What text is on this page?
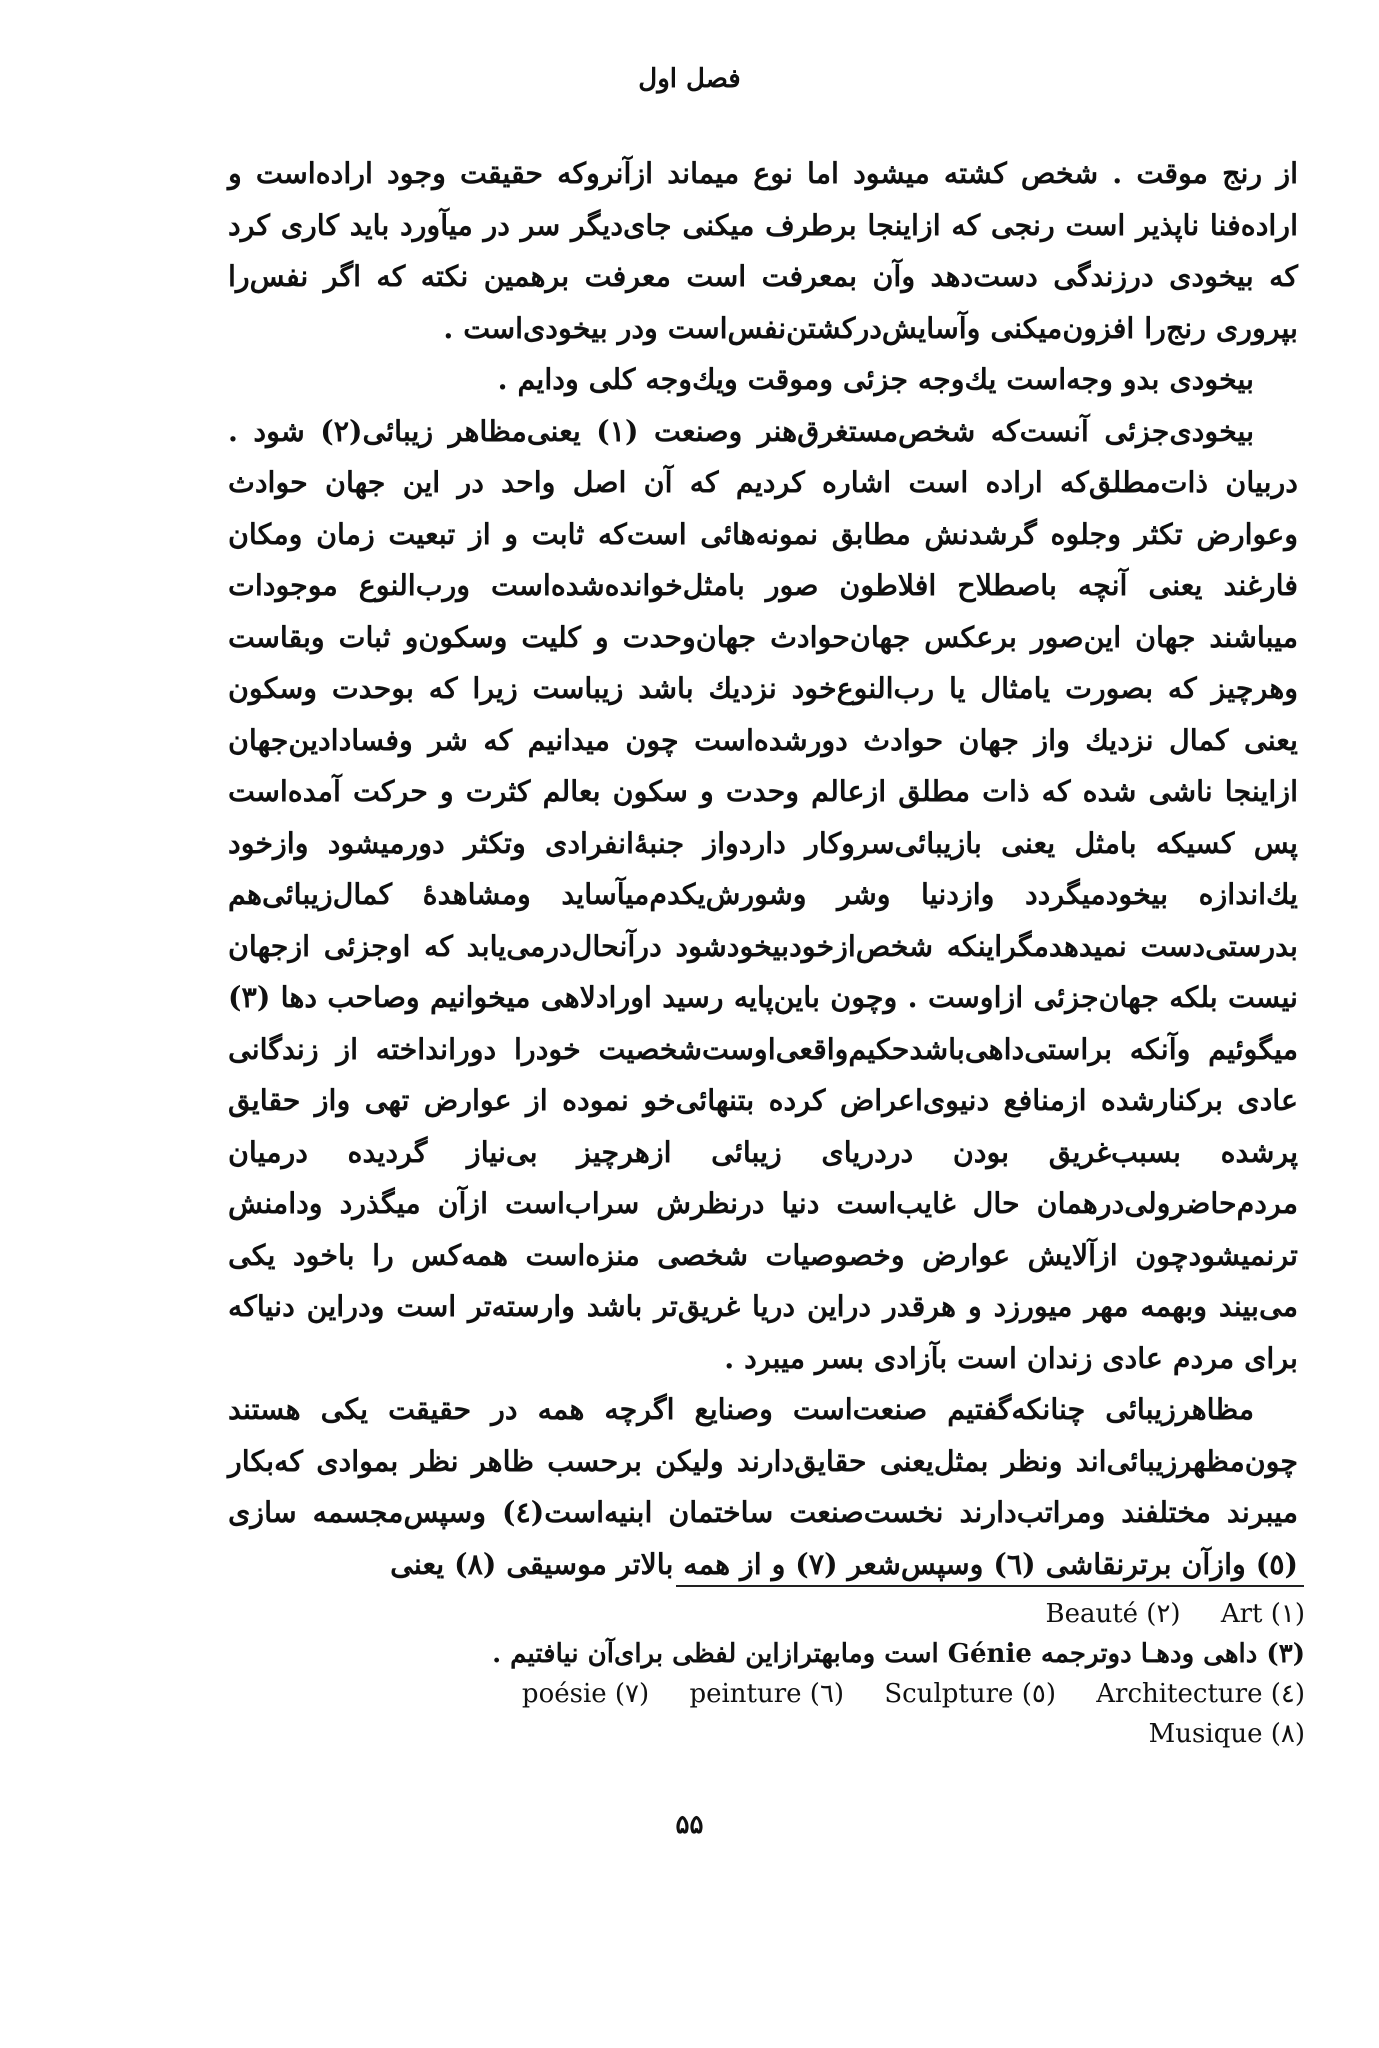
فصل اول

از رنج موقت . شخص کشته میشود اما نوع میماند ازآنروکه حقیقت وجود اراده‌است و اراده‌فنا ناپذیر است رنجی که ازاینجا برطرف میکنی جای‌دیگر سر در میآورد باید کاری کرد که بیخودی درزندگی دست‌دهد وآن بمعرفت است معرفت برهمین نکته که اگر نفس‌را بپروری رنج‌را افزون‌میکنی وآسایش‌درکشتن‌نفس‌است ودر بیخودی‌است .

بیخودی بدو وجه‌است یك‌وجه جزئی وموقت ویك‌وجه کلی ودایم .

بیخودی‌جزئی آنست‌که شخص‌مستغرق‌هنر وصنعت (۱) یعنی‌مظاهر زیبائی(۲) شود . دربیان ذات‌مطلق‌که اراده است اشاره کردیم که آن اصل واحد در این جهان حوادث وعوارض تکثر وجلوه گرشدنش مطابق نمونه‌هائی است‌که ثابت و از تبعیت زمان ومکان فارغند یعنی آنچه باصطلاح افلاطون صور بامثل‌خوانده‌شده‌است ورب‌النوع موجودات میباشند جهان این‌صور برعکس جهان‌حوادث جهان‌وحدت و کلیت وسکون‌و ثبات وبقاست وهرچیز که بصورت یامثال یا رب‌النوع‌خود نزدیك باشد زیباست زیرا که بوحدت وسکون یعنی کمال نزدیك واز جهان حوادث دورشده‌است چون میدانیم که شر وفسادادین‌جهان ازاینجا ناشی شده که ذات مطلق ازعالم وحدت و سکون بعالم کثرت و حرکت آمده‌است پس کسیکه بامثل یعنی بازیبائی‌سروکار داردواز جنبهٔ‌انفرادی وتکثر دورمیشود وازخود یك‌اندازه بیخودمیگردد وازدنیا وشر وشورش‌یکدم‌میآساید ومشاهدهٔ کمال‌زیبائی‌هم بدرستی‌دست نمیدهدمگراینکه شخص‌ازخودبیخودشود درآنحال‌درمی‌یابد که اوجزئی ازجهان نیست بلکه جهان‌جزئی ازاوست . وچون باین‌پایه رسید اورادلاهی میخوانیم وصاحب دها (۳) میگوئیم وآنکه براستی‌داهی‌باشد‌حکیم‌واقعی‌اوست‌شخصیت خودرا دورانداخته از زندگانی عادی برکنارشده ازمنافع دنیوی‌اعراض کرده بتنهائی‌خو نموده از عوارض تهی واز حقایق پرشده بسبب‌غریق بودن دردریای زیبائی ازهرچیز بی‌نیاز گردیده درمیان مردم‌حاضرولی‌درهمان حال غایب‌است دنیا درنظرش سراب‌است ازآن میگذرد ودامنش ترنمیشودچون ازآلایش عوارض وخصوصیات شخصی منزه‌است همه‌کس را باخود یکی می‌بیند وبهمه مهر میورزد و هرقدر دراین دریا غریق‌تر باشد وارسته‌تر است ودراین دنیاکه برای مردم عادی زندان است بآزادی بسر میبرد .

مظاهرزیبائی چنانکه‌گفتیم صنعت‌است وصنایع اگرچه همه در حقیقت یکی هستند چون‌مظهرزیبائی‌اند ونظر بمثل‌یعنی حقایق‌دارند ولیکن برحسب ظاهر نظر بموادی که‌بکار میبرند مختلفند ومراتب‌دارند نخست‌صنعت ساختمان ابنیه‌است(٤) وسپس‌مجسمه سازی (٥) وازآن برترنقاشی (٦) وسپس‌شعر (۷) و از همه بالاتر موسیقی (۸) یعنی

Beauté (۲) Art (۱)
(۳) داهی ودهـا دوترجمه Génie است ومابهترازاین لفظی برای‌آن نیافتیم .
poésie (۷) peinture (٦) Sculpture (٥) Architecture (٤)
Musique (۸)
۵۵
